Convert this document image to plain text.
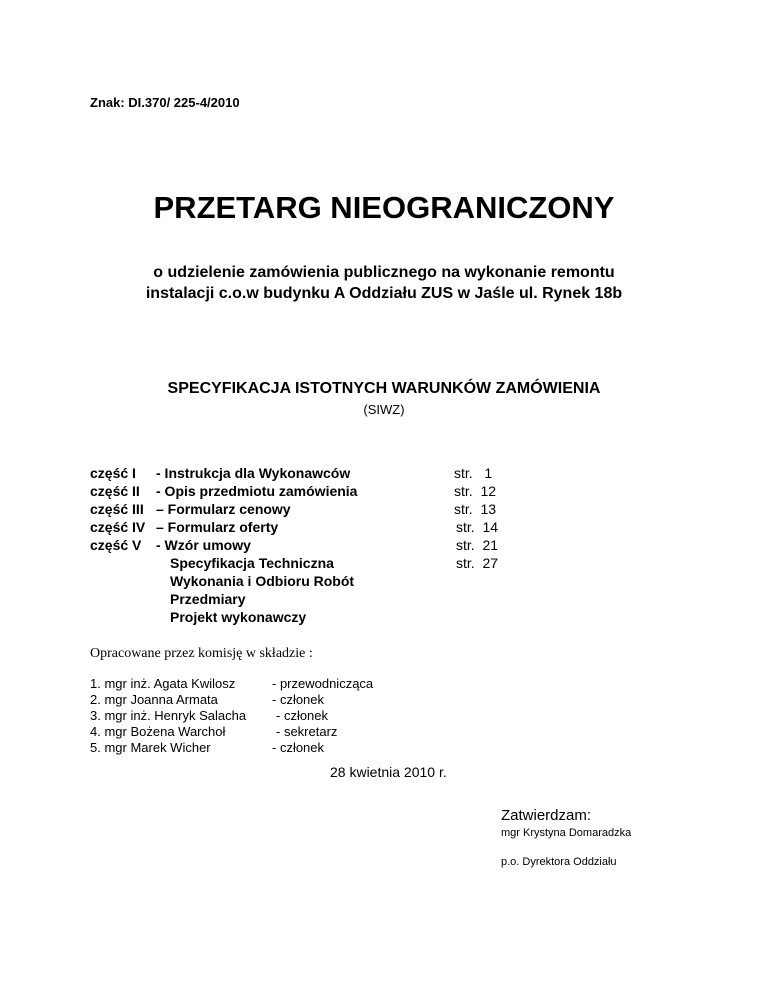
Znak: DI.370/ 225-4/2010
PRZETARG NIEOGRANICZONY
o udzielenie zamówienia publicznego na wykonanie remontu
instalacji c.o.w budynku A Oddziału ZUS w Jaśle ul. Rynek 18b
SPECYFIKACJA ISTOTNYCH WARUNKÓW ZAMÓWIENIA
(SIWZ)
część I - Instrukcja dla Wykonawców	str. 1
część II - Opis przedmiotu zamówienia	str. 12
część III – Formularz cenowy	str. 13
część IV – Formularz oferty	str. 14
część V - Wzór umowy	str. 21
Specyfikacja Techniczna	str. 27
Wykonania i Odbioru Robót
Przedmiary
Projekt wykonawczy
Opracowane przez komisję w składzie :
1. mgr inż. Agata Kwilosz	- przewodnicząca
2. mgr Joanna Armata	- członek
3. mgr inż. Henryk Salacha - członek
4. mgr Bożena Warchoł	- sekretarz
5. mgr Marek Wicher	- członek
28 kwietnia 2010 r.
Zatwierdzam:
mgr Krystyna Domaradzka
p.o. Dyrektora Oddziału
